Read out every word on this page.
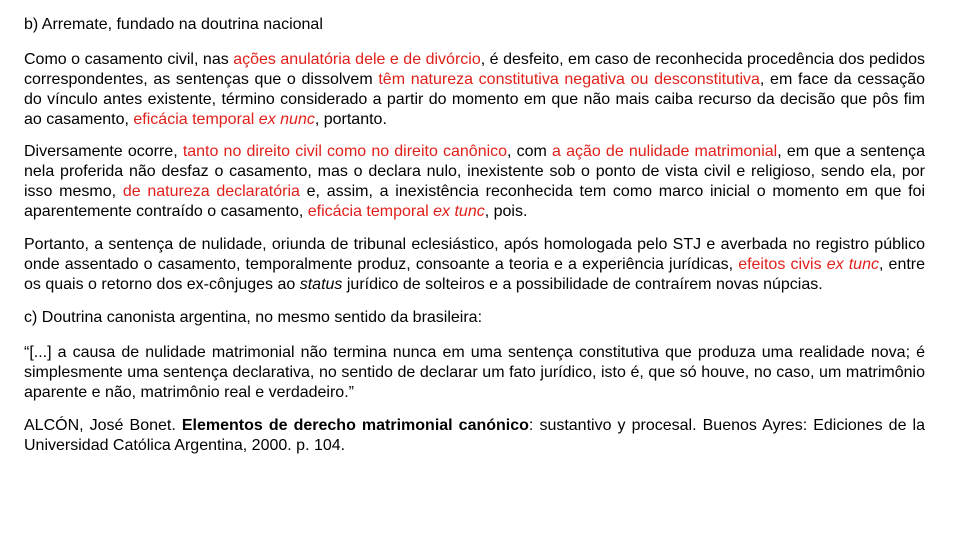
b) Arremate, fundado na doutrina nacional

Como o casamento civil, nas ações anulatória dele e de divórcio, é desfeito, em caso de reconhecida procedência dos pedidos correspondentes, as sentenças que o dissolvem têm natureza constitutiva negativa ou desconstitutiva, em face da cessação do vínculo antes existente, término considerado a partir do momento em que não mais caiba recurso da decisão que pôs fim ao casamento, eficácia temporal ex nunc, portanto.

Diversamente ocorre, tanto no direito civil como no direito canônico, com a ação de nulidade matrimonial, em que a sentença nela proferida não desfaz o casamento, mas o declara nulo, inexistente sob o ponto de vista civil e religioso, sendo ela, por isso mesmo, de natureza declaratória e, assim, a inexistência reconhecida tem como marco inicial o momento em que foi aparentemente contraído o casamento, eficácia temporal ex tunc, pois.

Portanto, a sentença de nulidade, oriunda de tribunal eclesiástico, após homologada pelo STJ e averbada no registro público onde assentado o casamento, temporalmente produz, consoante a teoria e a experiência jurídicas, efeitos civis ex tunc, entre os quais o retorno dos ex-cônjuges ao status jurídico de solteiros e a possibilidade de contraírem novas núpcias.

c) Doutrina canonista argentina, no mesmo sentido da brasileira:

“[...] a causa de nulidade matrimonial não termina nunca em uma sentença constitutiva que produza uma realidade nova; é simplesmente uma sentença declarativa, no sentido de declarar um fato jurídico, isto é, que só houve, no caso, um matrimônio aparente e não, matrimônio real e verdadeiro.”

ALCÓN, José Bonet. Elementos de derecho matrimonial canónico: sustantivo y procesal. Buenos Ayres: Ediciones de la Universidad Católica Argentina, 2000. p. 104.
